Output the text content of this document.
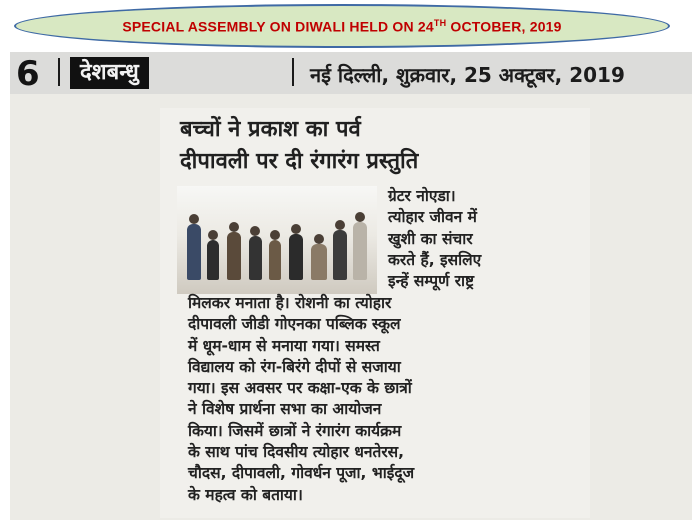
SPECIAL ASSEMBLY ON DIWALI HELD ON 24TH OCTOBER, 2019
6	देशबन्धु	नई दिल्ली, शुक्रवार, 25 अक्टूबर, 2019
बच्चों ने प्रकाश का पर्व
दीपावली पर दी रंगारंग प्रस्तुति
ग्रेटर नोएडा।
त्योहार जीवन में
खुशी का संचार
करते हैं, इसलिए
इन्हें सम्पूर्ण राष्ट्र
मिलकर मनाता है। रोशनी का त्योहार
दीपावली जीडी गोएनका पब्लिक स्कूल
में धूम-धाम से मनाया गया। समस्त
विद्यालय को रंग-बिरंगे दीपों से सजाया
गया। इस अवसर पर कक्षा-एक के छात्रों
ने विशेष प्रार्थना सभा का आयोजन
किया। जिसमें छात्रों ने रंगारंग कार्यक्रम
के साथ पांच दिवसीय त्योहार धनतेरस,
चौदस, दीपावली, गोवर्धन पूजा, भाईदूज
के महत्व को बताया।
